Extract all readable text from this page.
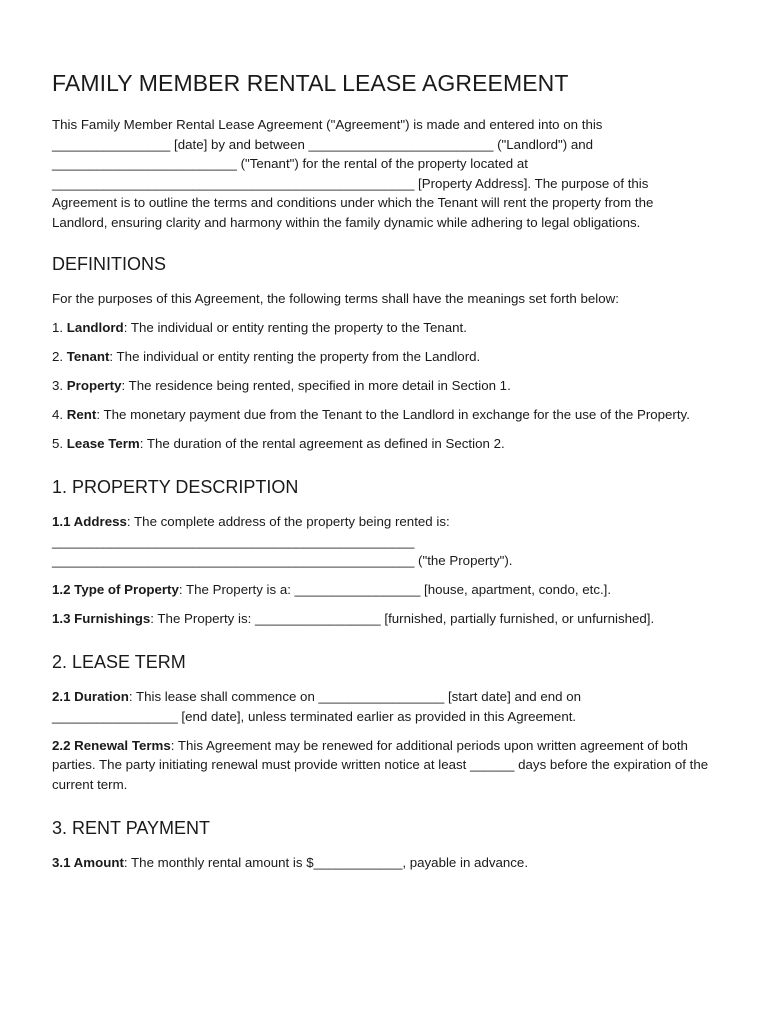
FAMILY MEMBER RENTAL LEASE AGREEMENT

This Family Member Rental Lease Agreement ("Agreement") is made and entered into on this ________________ [date] by and between _________________________ ("Landlord") and _________________________ ("Tenant") for the rental of the property located at _________________________________________________ [Property Address]. The purpose of this Agreement is to outline the terms and conditions under which the Tenant will rent the property from the Landlord, ensuring clarity and harmony within the family dynamic while adhering to legal obligations.

DEFINITIONS

For the purposes of this Agreement, the following terms shall have the meanings set forth below:

1. Landlord: The individual or entity renting the property to the Tenant.

2. Tenant: The individual or entity renting the property from the Landlord.

3. Property: The residence being rented, specified in more detail in Section 1.

4. Rent: The monetary payment due from the Tenant to the Landlord in exchange for the use of the Property.

5. Lease Term: The duration of the rental agreement as defined in Section 2.

1. PROPERTY DESCRIPTION

1.1 Address: The complete address of the property being rented is:
_________________________________________________
_________________________________________________ ("the Property").

1.2 Type of Property: The Property is a: _________________ [house, apartment, condo, etc.].

1.3 Furnishings: The Property is: _________________ [furnished, partially furnished, or unfurnished].

2. LEASE TERM

2.1 Duration: This lease shall commence on _________________ [start date] and end on _________________ [end date], unless terminated earlier as provided in this Agreement.

2.2 Renewal Terms: This Agreement may be renewed for additional periods upon written agreement of both parties. The party initiating renewal must provide written notice at least ______ days before the expiration of the current term.

3. RENT PAYMENT

3.1 Amount: The monthly rental amount is $____________, payable in advance.
